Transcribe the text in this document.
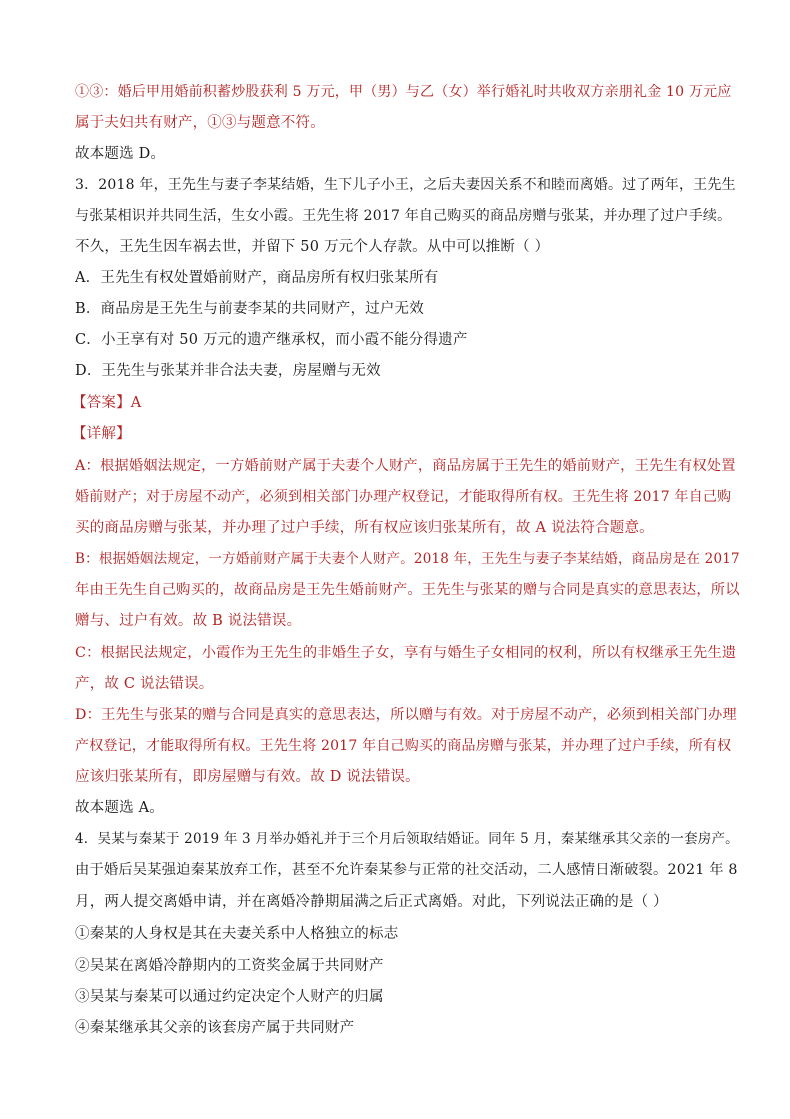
①③：婚后甲用婚前积蓄炒股获利 5 万元，甲（男）与乙（女）举行婚礼时共收双方亲朋礼金 10 万元应
属于夫妇共有财产，①③与题意不符。
故本题选 D。
3．2018 年，王先生与妻子李某结婚，生下儿子小王，之后夫妻因关系不和睦而离婚。过了两年，王先生
与张某相识并共同生活，生女小霞。王先生将 2017 年自己购买的商品房赠与张某，并办理了过户手续。
不久，王先生因车祸去世，并留下 50 万元个人存款。从中可以推断（ ）
A．王先生有权处置婚前财产，商品房所有权归张某所有
B．商品房是王先生与前妻李某的共同财产，过户无效
C．小王享有对 50 万元的遗产继承权，而小霞不能分得遗产
D．王先生与张某并非合法夫妻，房屋赠与无效
【答案】A
【详解】
A：根据婚姻法规定，一方婚前财产属于夫妻个人财产，商品房属于王先生的婚前财产，王先生有权处置
婚前财产；对于房屋不动产，必须到相关部门办理产权登记，才能取得所有权。王先生将 2017 年自己购
买的商品房赠与张某，并办理了过户手续，所有权应该归张某所有，故 A 说法符合题意。
B：根据婚姻法规定，一方婚前财产属于夫妻个人财产。2018 年，王先生与妻子李某结婚，商品房是在 2017
年由王先生自己购买的，故商品房是王先生婚前财产。王先生与张某的赠与合同是真实的意思表达，所以
赠与、过户有效。故 B 说法错误。
C：根据民法规定，小霞作为王先生的非婚生子女，享有与婚生子女相同的权利，所以有权继承王先生遗
产，故 C 说法错误。
D：王先生与张某的赠与合同是真实的意思表达，所以赠与有效。对于房屋不动产，必须到相关部门办理
产权登记，才能取得所有权。王先生将 2017 年自己购买的商品房赠与张某，并办理了过户手续，所有权
应该归张某所有，即房屋赠与有效。故 D 说法错误。
故本题选 A。
4．吴某与秦某于 2019 年 3 月举办婚礼并于三个月后领取结婚证。同年 5 月，秦某继承其父亲的一套房产。
由于婚后吴某强迫秦某放弃工作，甚至不允许秦某参与正常的社交活动，二人感情日渐破裂。2021 年 8
月，两人提交离婚申请，并在离婚冷静期届满之后正式离婚。对此，下列说法正确的是（ ）
①秦某的人身权是其在夫妻关系中人格独立的标志
②吴某在离婚冷静期内的工资奖金属于共同财产
③吴某与秦某可以通过约定决定个人财产的归属
④秦某继承其父亲的该套房产属于共同财产
